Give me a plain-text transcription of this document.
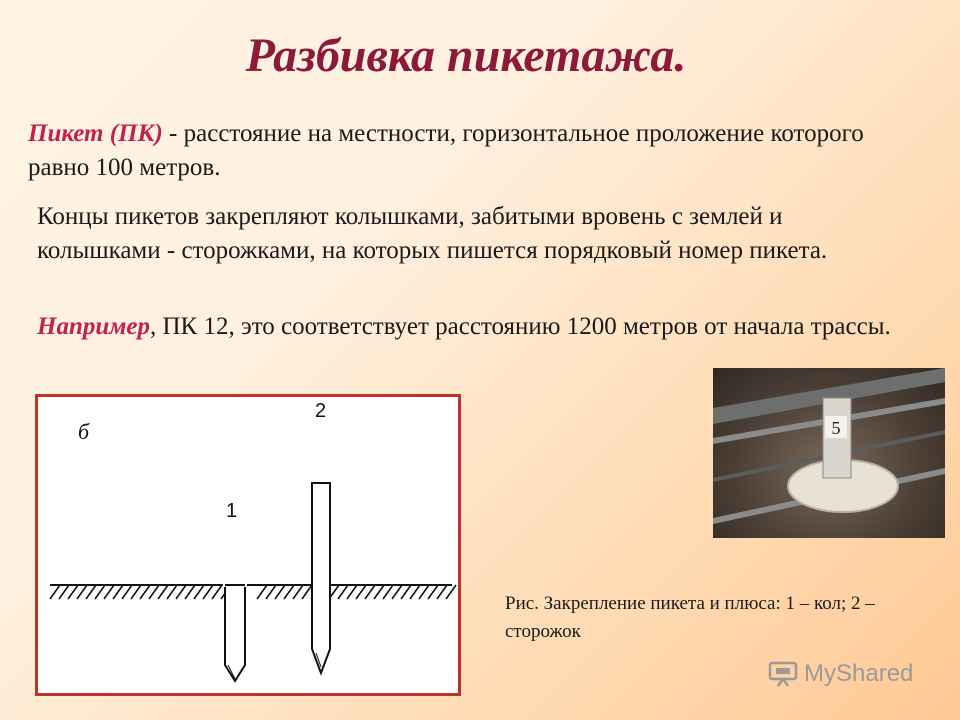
Разбивка пикетажа.

Пикет (ПК) - расстояние на местности, горизонтальное проложение которого равно 100 метров.

Концы пикетов закрепляют колышками, забитыми вровень с землей и колышками - сторожками, на которых пишется порядковый номер пикета.

Например, ПК 12, это соответствует расстоянию 1200 метров от начала трассы.

б
1
2
5

Рис. Закрепление пикета и плюса: 1 – кол; 2 – сторожок

MyShared
